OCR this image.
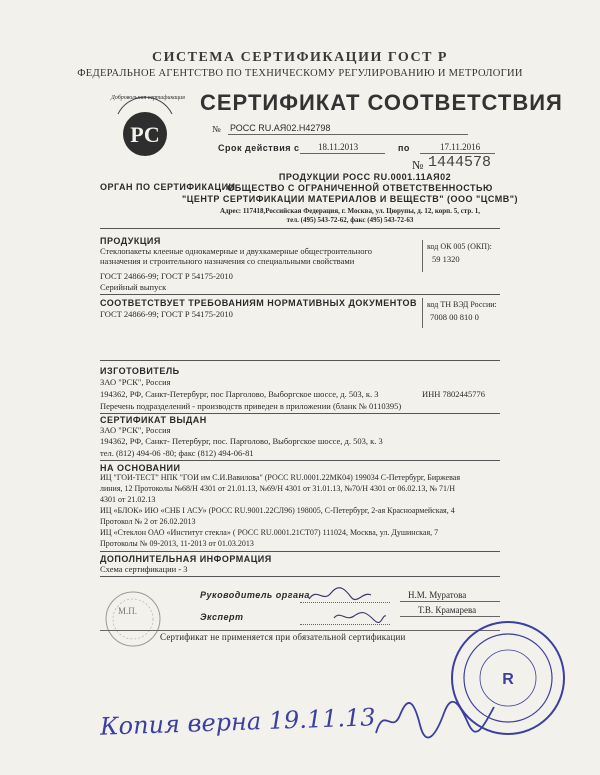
СИСТЕМА СЕРТИФИКАЦИИ ГОСТ Р
ФЕДЕРАЛЬНОЕ АГЕНТСТВО ПО ТЕХНИЧЕСКОМУ РЕГУЛИРОВАНИЮ И МЕТРОЛОГИИ
РС
Добровольная сертификация СЕРТИФИКАТ СООТВЕТСТВИЯ
№ РОСС RU.АЯ02.Н42798
Срок действия с 18.11.2013	по	17.11.2016
№ 1444578
ОРГАН ПО СЕРТИФИКАЦИИ
ПРОДУКЦИИ РОСС RU.0001.11АЯ02
ОБЩЕСТВО С ОГРАНИЧЕННОЙ ОТВЕТСТВЕННОСТЬЮ
"ЦЕНТР СЕРТИФИКАЦИИ МАТЕРИАЛОВ И ВЕЩЕСТВ" (ООО "ЦСМВ")
Адрес: 117418,Российская Федерация, г. Москва, ул. Цюрупы, д. 12, корп. 5, стр. 1,
тел. (495) 543-72-62, факс (495) 543-72-63
ПРОДУКЦИЯ
Стеклопакеты клееные однокамерные и двухкамерные общестроительного
назначения и строительного назначения со специальными свойствами
ГОСТ 24866-99; ГОСТ Р 54175-2010
Серийный выпуск
код ОК 005 (ОКП):
59 1320
СООТВЕТСТВУЕТ ТРЕБОВАНИЯМ НОРМАТИВНЫХ ДОКУМЕНТОВ
ГОСТ 24866-99; ГОСТ Р 54175-2010
код ТН ВЭД России:
7008 00 810 0
ИЗГОТОВИТЕЛЬ
ЗАО "РСК", Россия
194362, РФ, Санкт-Петербург, пос Парголово, Выборгское шоссе, д. 503, к. 3	ИНН 7802445776
Перечень подразделений - производств приведен в приложении (бланк № 0110395)
СЕРТИФИКАТ ВЫДАН
ЗАО "РСК", Россия
194362, РФ, Санкт- Петербург, пос. Парголово, Выборгское шоссе, д. 503, к. 3
тел. (812) 494-06 -80; факс (812) 494-06-81
НА ОСНОВАНИИ
ИЦ "ГОИ-ТЕСТ" НПК "ГОИ им С.И.Вавилова" (РОСС RU.0001.22МК04) 199034 С-Петербург, Биржевая
линия, 12 Протоколы №68/Н 4301 от 21.01.13, №69/Н 4301 от 31.01.13, №70/Н 4301 от 06.02.13, № 71/Н
4301 от 21.02.13
ИЦ «БЛОК» ИЮ «СНБ I АСУ» (РОСС RU.9001.22СЛ96) 198005, С-Петербург, 2-ая Красноармейская, 4
Протокол № 2 от 26.02.2013
ИЦ «Стеклон ОАО «Институт стекла» ( РОСС RU.0001.21СТ07) 111024, Москва, ул. Душинская, 7
Протоколы № 09-2013, 11-2013 от 01.03.2013
ДОПОЛНИТЕЛЬНАЯ ИНФОРМАЦИЯ
Схема сертификации - 3
М.П.
Руководитель органа	Н.М. Муратова
Эксперт
Т.В. Крамарева
Сертификат не применяется при обязательной сертификации
R
Копия верна 19.11.13
